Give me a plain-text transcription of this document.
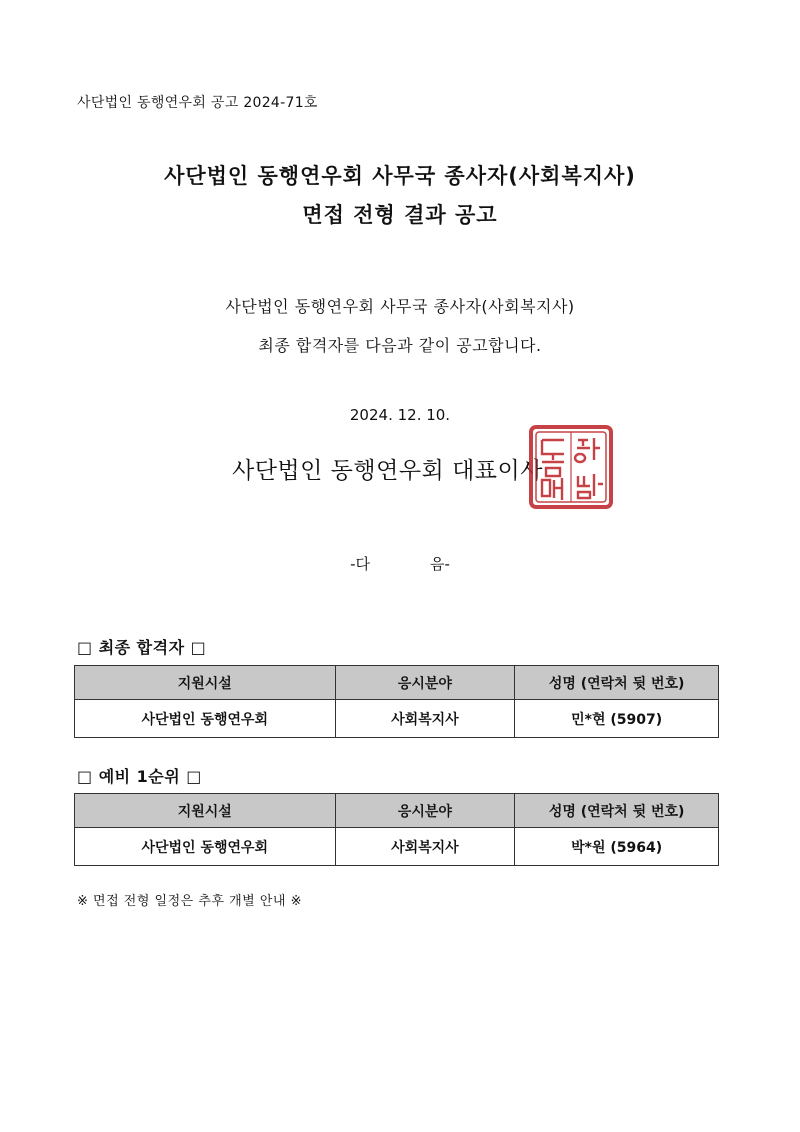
사단법인 동행연우회 공고 2024-71호
사단법인 동행연우회 사무국 종사자(사회복지사)
면접 전형 결과 공고
사단법인 동행연우회 사무국 종사자(사회복지사)
최종 합격자를 다음과 같이 공고합니다.
2024. 12. 10.
사단법인 동행연우회 대표이사
-다	음-
□ 최종 합격자 □
지원시설	응시분야	성명 (연락처 뒷 번호)
사단법인 동행연우회	사회복지사	민*현 (5907)
□ 예비 1순위 □
지원시설	응시분야	성명 (연락처 뒷 번호)
사단법인 동행연우회	사회복지사	박*원 (5964)
※ 면접 전형 일정은 추후 개별 안내 ※
